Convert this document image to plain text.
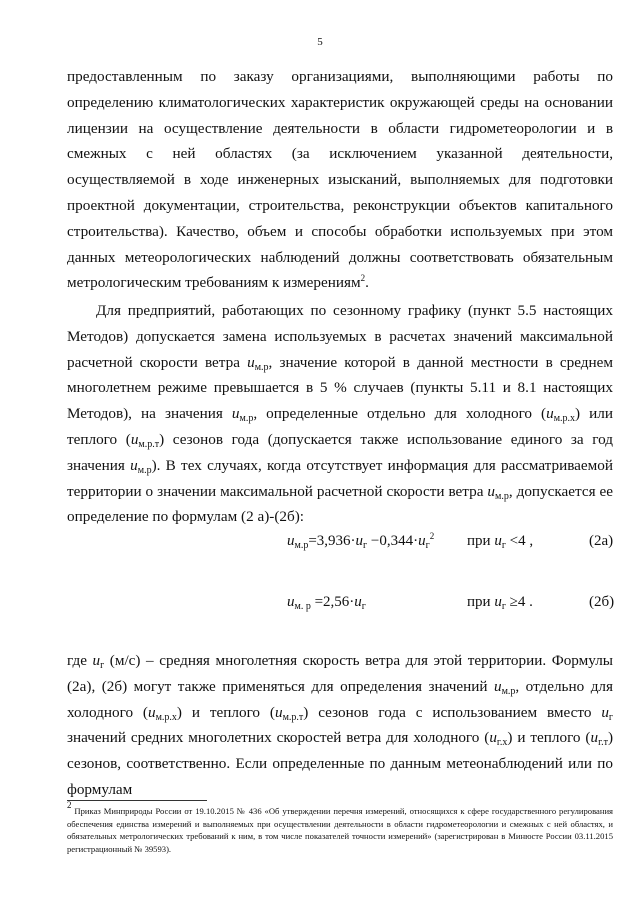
5

предоставленным по заказу организациями, выполняющими работы по определению климатологических характеристик окружающей среды на основании лицензии на осуществление деятельности в области гидрометеорологии и в смежных с ней областях (за исключением указанной деятельности, осуществляемой в ходе инженерных изысканий, выполняемых для подготовки проектной документации, строительства, реконструкции объектов капитального строительства). Качество, объем и способы обработки используемых при этом данных метеорологических наблюдений должны соответствовать обязательным метрологическим требованиям к измерениям$^2$.

Для предприятий, работающих по сезонному графику (пункт 5.5 настоящих Методов) допускается замена используемых в расчетах значений максимальной расчетной скорости ветра $u_{м.р}$, значение которой в данной местности в среднем многолетнем режиме превышается в 5 % случаев (пункты 5.11 и 8.1 настоящих Методов), на значения $u_{м.р}$, определенные отдельно для холодного $(u_{м.р.х})$ или теплого $(u_{м.р.т})$ сезонов года (допускается также использование единого за год значения $u_{м.р}$). В тех случаях, когда отсутствует информация для рассматриваемой территории о значении максимальной расчетной скорости ветра $u_{м.р}$, допускается ее определение по формулам (2 а)-(2б):

$u_{м.р}=3,936\cdot u_г -0,344\cdot u_г^2$ при $u_г <4$ ,	(2а)
$u_{м. р} =2,56\cdot u_г$	при $u_г \ge 4$ .	(2б)

где $u_г$ (м/с) – средняя многолетняя скорость ветра для этой территории. Формулы (2а), (2б) могут также применяться для определения значений $u_{м.р}$, отдельно для холодного $(u_{м.р.х})$ и теплого $(u_{м.р.т})$ сезонов года с использованием вместо $u_г$ значений средних многолетних скоростей ветра для холодного $(u_{г.х})$ и теплого $(u_{г.т})$ сезонов, соответственно. Если определенные по данным метеонаблюдений или по формулам

$^2$ Приказ Минприроды России от 19.10.2015 № 436 «Об утверждении перечня измерений, относящихся к сфере государственного регулирования обеспечения единства измерений и выполняемых при осуществлении деятельности в области гидрометеорологии и смежных с ней областях, и обязательных метрологических требований к ним, в том числе показателей точности измерений» (зарегистрирован в Минюсте России 03.11.2015 регистрационный № 39593).
